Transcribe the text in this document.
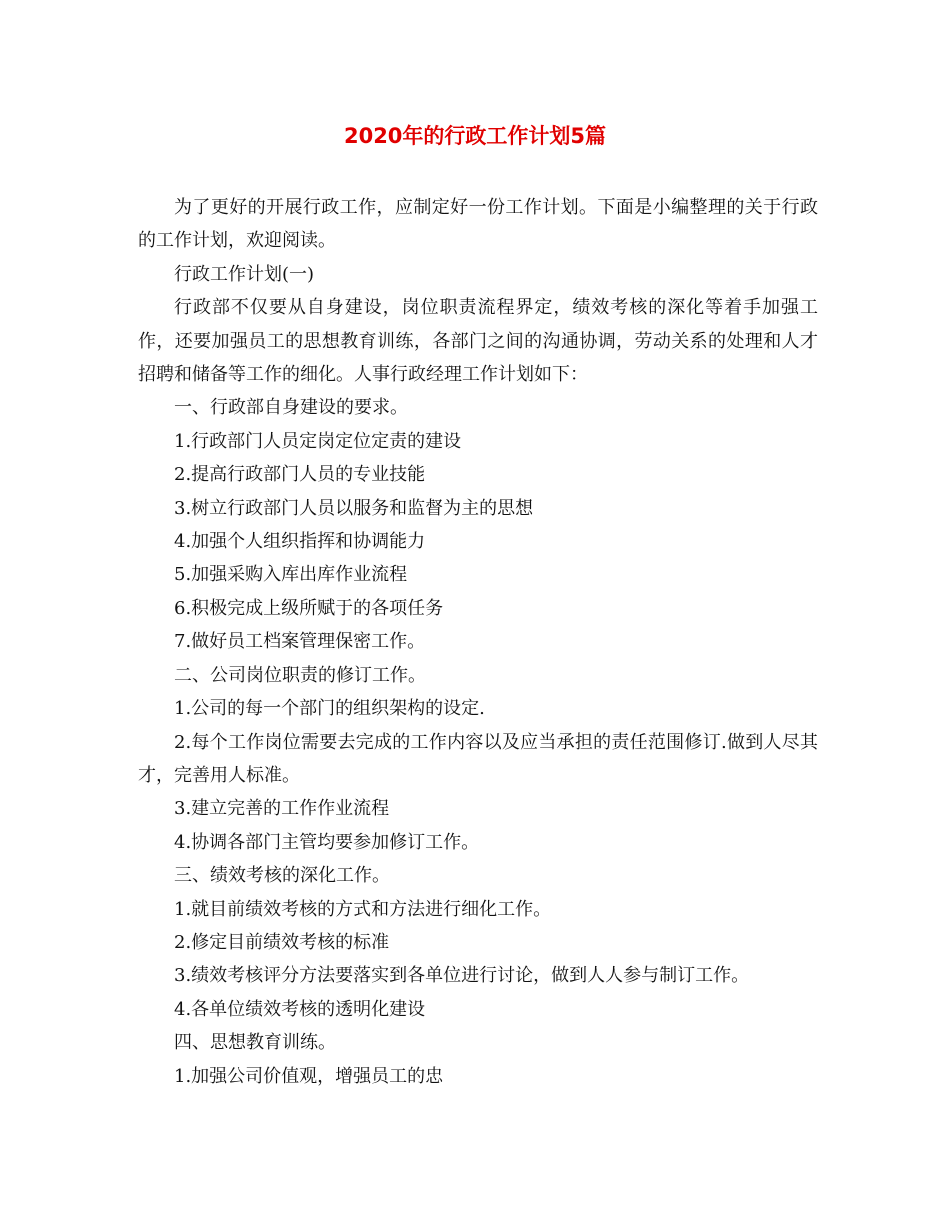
2020年的行政工作计划5篇

为了更好的开展行政工作，应制定好一份工作计划。下面是小编整理的关于行政的工作计划，欢迎阅读。

行政工作计划(一)

行政部不仅要从自身建设，岗位职责流程界定，绩效考核的深化等着手加强工作，还要加强员工的思想教育训练，各部门之间的沟通协调，劳动关系的处理和人才招聘和储备等工作的细化。人事行政经理工作计划如下：

一、行政部自身建设的要求。

1.行政部门人员定岗定位定责的建设

2.提高行政部门人员的专业技能

3.树立行政部门人员以服务和监督为主的思想

4.加强个人组织指挥和协调能力

5.加强采购入库出库作业流程

6.积极完成上级所赋于的各项任务

7.做好员工档案管理保密工作。

二、公司岗位职责的修订工作。

1.公司的每一个部门的组织架构的设定.

2.每个工作岗位需要去完成的工作内容以及应当承担的责任范围修订.做到人尽其才，完善用人标准。

3.建立完善的工作作业流程

4.协调各部门主管均要参加修订工作。

三、绩效考核的深化工作。

1.就目前绩效考核的方式和方法进行细化工作。

2.修定目前绩效考核的标准

3.绩效考核评分方法要落实到各单位进行讨论，做到人人参与制订工作。

4.各单位绩效考核的透明化建设

四、思想教育训练。

1.加强公司价值观，增强员工的忠
